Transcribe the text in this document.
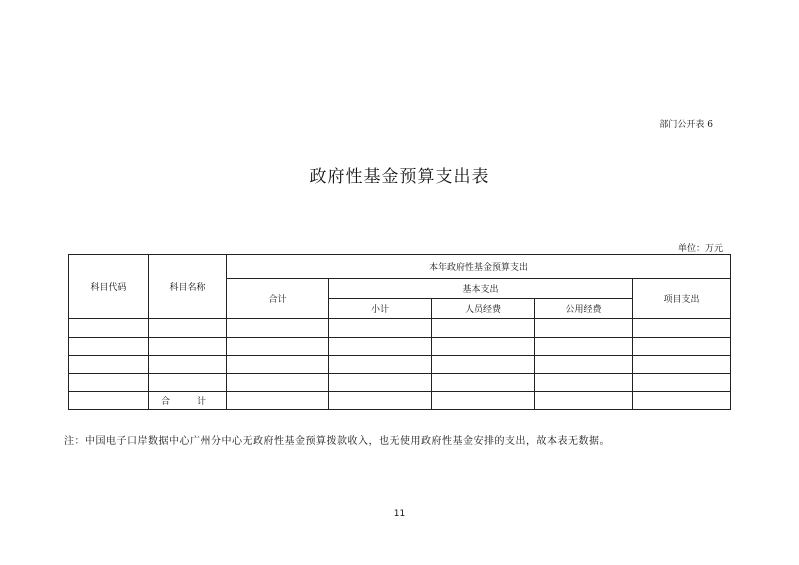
部门公开表 6
政府性基金预算支出表
单位：万元
科目代码	科目名称	本年政府性基金预算支出				
		合计	基本支出			项目支出
			小计	人员经费	公用经费	

	合 计					

注：中国电子口岸数据中心广州分中心无政府性基金预算拨款收入，也无使用政府性基金安排的支出，故本表无数据。
11
